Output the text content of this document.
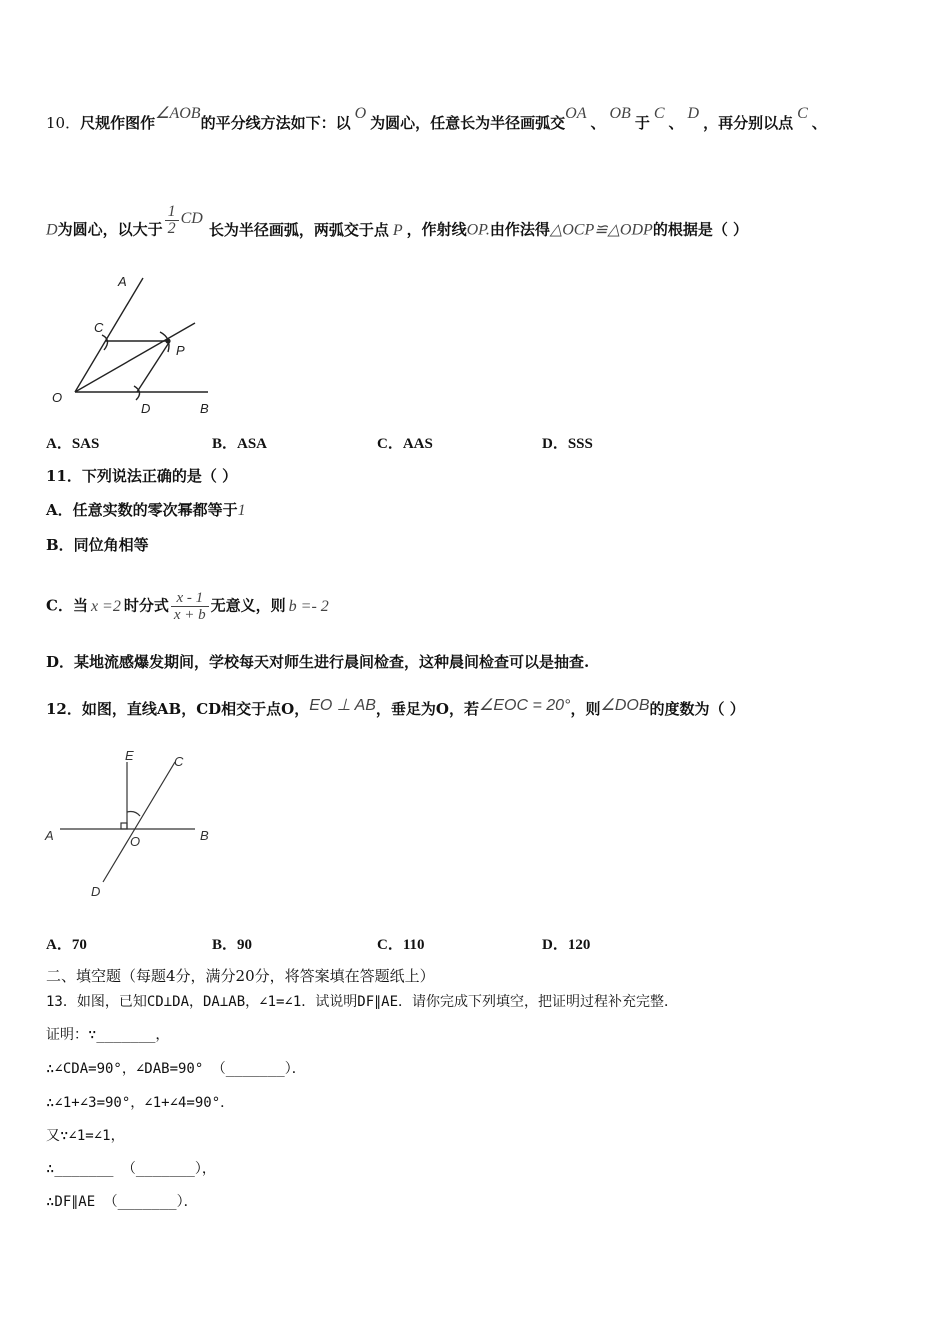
10．尺规作图作∠AOB的平分线方法如下：以O为圆心，任意长为半径画弧交OA、OB于C、D，再分别以点C、
D为圆心，以大于 $\frac{1}{2}$ CD长为半径画弧，两弧交于点 P ，作射线OP.由作法得△OCP≌△ODP的根据是（ ）
A
C
P
O
D	B
A．SAS	B．ASA	C．AAS	D．SSS
11．下列说法正确的是（ ）
A．任意实数的零次幂都等于1
B．同位角相等
C．当 x =2 时分式 $\frac{x - 1}{x + b}$ 无意义，则 b =- 2
D．某地流感爆发期间，学校每天对师生进行晨间检查，这种晨间检查可以是抽查.
12．如图，直线AB，CD相交于点O，EO ⊥ AB，垂足为O，若∠EOC = 20°，则∠DOB的度数为（ ）
E	C
A	O	B
D
A．70	B．90	C．110	D．120
二、填空题（每题4分，满分20分，将答案填在答题纸上）
13．如图，已知CD⊥DA，DA⊥AB，∠1=∠1．试说明DF∥AE．请你完成下列填空，把证明过程补充完整．
证明：∵_______，
∴∠CDA=90°，∠DAB=90° （_______）．
∴∠1+∠3=90°，∠1+∠4=90°．
又∵∠1=∠1，
∴_______ （_______），
∴DF∥AE （_______）．
